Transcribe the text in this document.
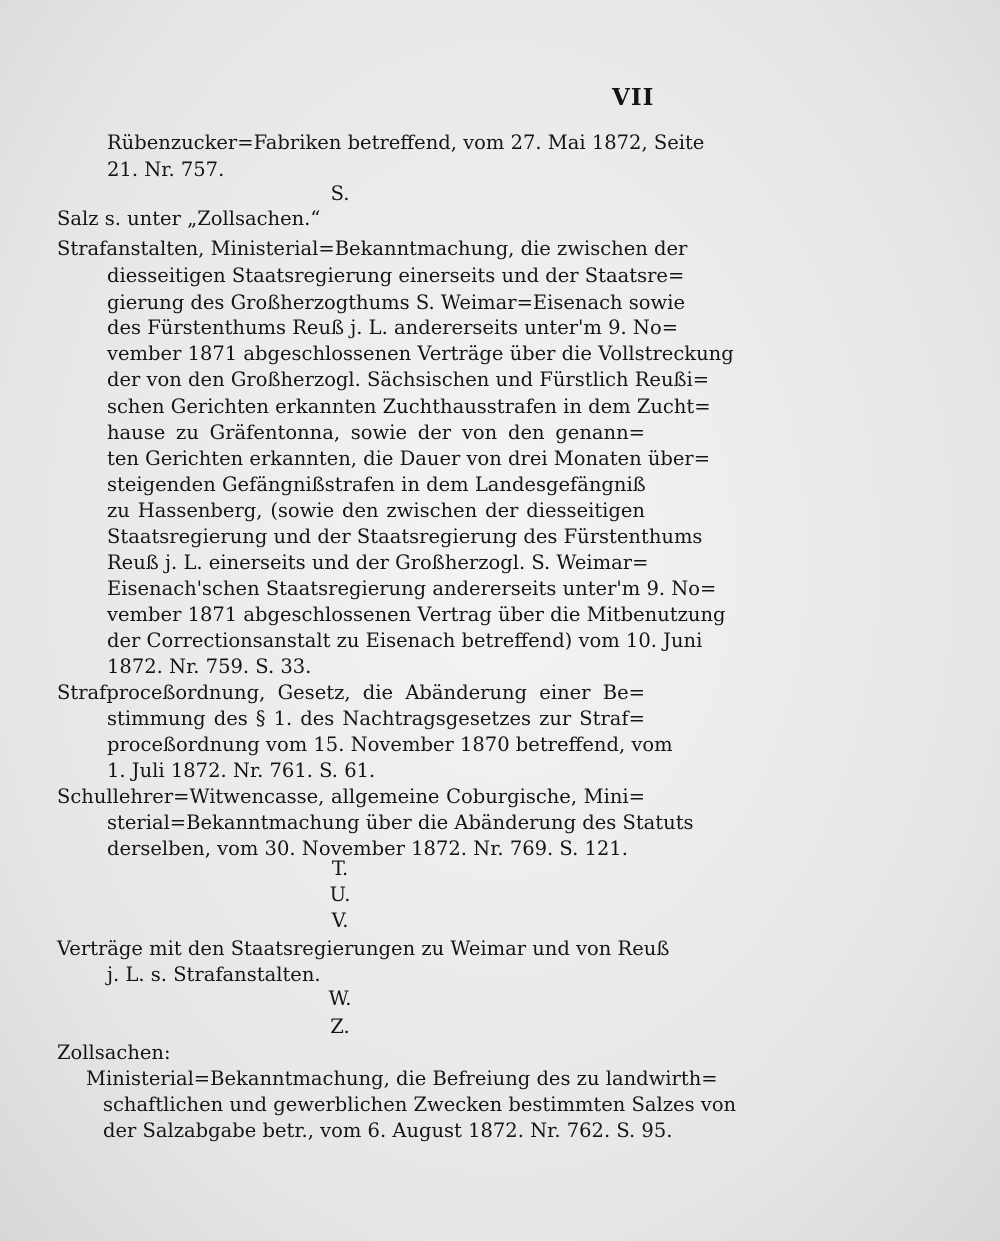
VII
Rübenzucker=Fabriken betreffend, vom 27. Mai 1872, Seite
21. Nr. 757.
S.
Salz s. unter „Zollsachen.“
Strafanstalten, Ministerial=Bekanntmachung, die zwischen der
diesseitigen Staatsregierung einerseits und der Staatsre=
gierung des Großherzogthums S. Weimar=Eisenach sowie
des Fürstenthums Reuß j. L. andererseits unter'm 9. No=
vember 1871 abgeschlossenen Verträge über die Vollstreckung
der von den Großherzogl. Sächsischen und Fürstlich Reußi=
schen Gerichten erkannten Zuchthausstrafen in dem Zucht=
hause zu Gräfentonna, sowie der von den genann=
ten Gerichten erkannten, die Dauer von drei Monaten über=
steigenden Gefängnißstrafen in dem Landesgefängniß
zu Hassenberg, (sowie den zwischen der diesseitigen
Staatsregierung und der Staatsregierung des Fürstenthums
Reuß j. L. einerseits und der Großherzogl. S. Weimar=
Eisenach'schen Staatsregierung andererseits unter'm 9. No=
vember 1871 abgeschlossenen Vertrag über die Mitbenutzung
der Correctionsanstalt zu Eisenach betreffend) vom 10. Juni
1872. Nr. 759. S. 33.
Strafproceßordnung, Gesetz, die Abänderung einer Be=
stimmung des § 1. des Nachtragsgesetzes zur Straf=
proceßordnung vom 15. November 1870 betreffend, vom
1. Juli 1872. Nr. 761. S. 61.
Schullehrer=Witwencasse, allgemeine Coburgische, Mini=
sterial=Bekanntmachung über die Abänderung des Statuts
derselben, vom 30. November 1872. Nr. 769. S. 121.
T.
U.
V.
Verträge mit den Staatsregierungen zu Weimar und von Reuß
j. L. s. Strafanstalten.
W.
Z.
Zollsachen:
Ministerial=Bekanntmachung, die Befreiung des zu landwirth=
schaftlichen und gewerblichen Zwecken bestimmten Salzes von
der Salzabgabe betr., vom 6. August 1872. Nr. 762. S. 95.
